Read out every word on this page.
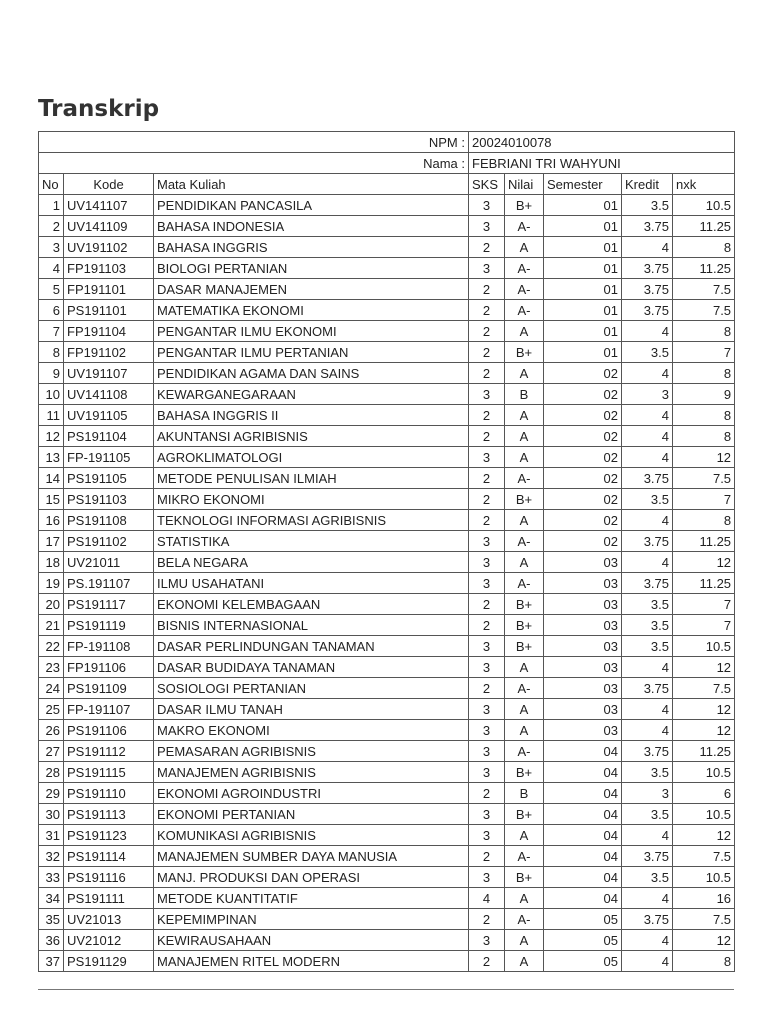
Transkrip
NPM :			20024010078				
Nama :			FEBRIANI TRI WAHYUNI				
No	Kode	Mata Kuliah	SKS	Nilai	Semester	Kredit	nxk
1	UV141107	PENDIDIKAN PANCASILA	3	B+	01	3.5	10.5
2	UV141109	BAHASA INDONESIA	3	A-	01	3.75	11.25
3	UV191102	BAHASA INGGRIS	2	A	01	4	8
4	FP191103	BIOLOGI PERTANIAN	3	A-	01	3.75	11.25
5	FP191101	DASAR MANAJEMEN	2	A-	01	3.75	7.5
6	PS191101	MATEMATIKA EKONOMI	2	A-	01	3.75	7.5
7	FP191104	PENGANTAR ILMU EKONOMI	2	A	01	4	8
8	FP191102	PENGANTAR ILMU PERTANIAN	2	B+	01	3.5	7
9	UV191107	PENDIDIKAN AGAMA DAN SAINS	2	A	02	4	8
10	UV141108	KEWARGANEGARAAN	3	B	02	3	9
11	UV191105	BAHASA INGGRIS II	2	A	02	4	8
12	PS191104	AKUNTANSI AGRIBISNIS	2	A	02	4	8
13	FP-191105	AGROKLIMATOLOGI	3	A	02	4	12
14	PS191105	METODE PENULISAN ILMIAH	2	A-	02	3.75	7.5
15	PS191103	MIKRO EKONOMI	2	B+	02	3.5	7
16	PS191108	TEKNOLOGI INFORMASI AGRIBISNIS	2	A	02	4	8
17	PS191102	STATISTIKA	3	A-	02	3.75	11.25
18	UV21011	BELA NEGARA	3	A	03	4	12
19	PS.191107	ILMU USAHATANI	3	A-	03	3.75	11.25
20	PS191117	EKONOMI KELEMBAGAAN	2	B+	03	3.5	7
21	PS191119	BISNIS INTERNASIONAL	2	B+	03	3.5	7
22	FP-191108	DASAR PERLINDUNGAN TANAMAN	3	B+	03	3.5	10.5
23	FP191106	DASAR BUDIDAYA TANAMAN	3	A	03	4	12
24	PS191109	SOSIOLOGI PERTANIAN	2	A-	03	3.75	7.5
25	FP-191107	DASAR ILMU TANAH	3	A	03	4	12
26	PS191106	MAKRO EKONOMI	3	A	03	4	12
27	PS191112	PEMASARAN AGRIBISNIS	3	A-	04	3.75	11.25
28	PS191115	MANAJEMEN AGRIBISNIS	3	B+	04	3.5	10.5
29	PS191110	EKONOMI AGROINDUSTRI	2	B	04	3	6
30	PS191113	EKONOMI PERTANIAN	3	B+	04	3.5	10.5
31	PS191123	KOMUNIKASI AGRIBISNIS	3	A	04	4	12
32	PS191114	MANAJEMEN SUMBER DAYA MANUSIA	2	A-	04	3.75	7.5
33	PS191116	MANJ. PRODUKSI DAN OPERASI	3	B+	04	3.5	10.5
34	PS191111	METODE KUANTITATIF	4	A	04	4	16
35	UV21013	KEPEMIMPINAN	2	A-	05	3.75	7.5
36	UV21012	KEWIRAUSAHAAN	3	A	05	4	12
37	PS191129	MANAJEMEN RITEL MODERN	2	A	05	4	8
